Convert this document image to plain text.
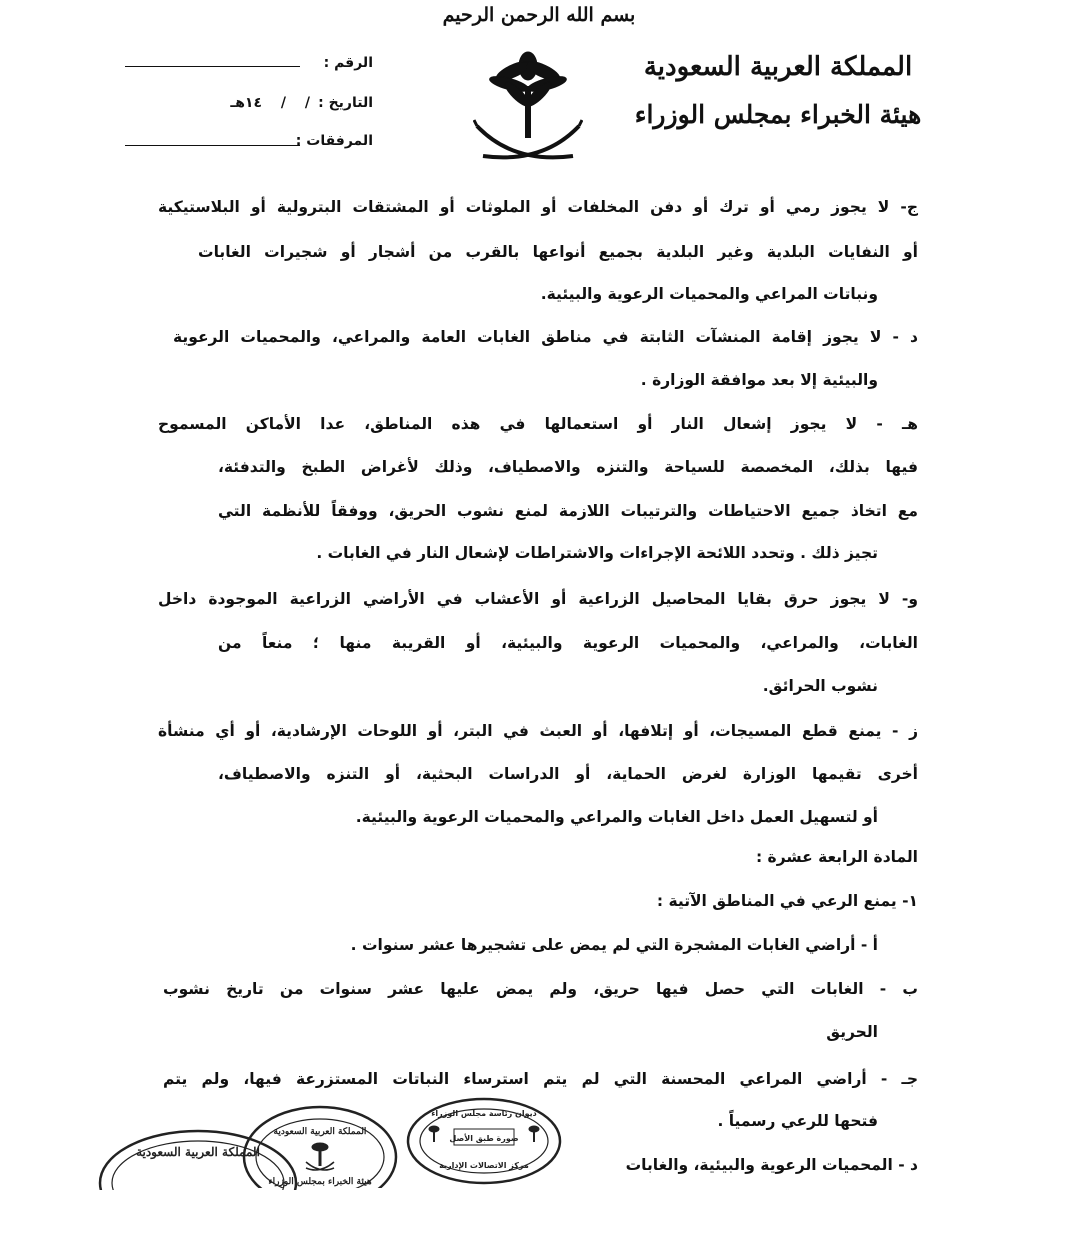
بسم الله الرحمن الرحيم
المملكة العربية السعودية
هيئة الخبراء بمجلس الوزراء
الرقم :
التاريخ :
/ / ١٤هـ
المرفقات :
ج- لا يجوز رمي أو ترك أو دفن المخلفات أو الملوثات أو المشتقات البترولية أو البلاستيكية
أو النفايات البلدية وغير البلدية بجميع أنواعها بالقرب من أشجار أو شجيرات الغابات
ونباتات المراعي والمحميات الرعوية والبيئية.
د - لا يجوز إقامة المنشآت الثابتة في مناطق الغابات العامة والمراعي، والمحميات الرعوية
والبيئية إلا بعد موافقة الوزارة .
هـ - لا يجوز إشعال النار أو استعمالها في هذه المناطق، عدا الأماكن المسموح
فيها بذلك، المخصصة للسياحة والتنزه والاصطياف، وذلك لأغراض الطبخ والتدفئة،
مع اتخاذ جميع الاحتياطات والترتيبات اللازمة لمنع نشوب الحريق، ووفقاً للأنظمة التي
تجيز ذلك . وتحدد اللائحة الإجراءات والاشتراطات لإشعال النار في الغابات .
و- لا يجوز حرق بقايا المحاصيل الزراعية أو الأعشاب في الأراضي الزراعية الموجودة داخل
الغابات، والمراعي، والمحميات الرعوية والبيئية، أو القريبة منها ؛ منعاً من
نشوب الحرائق.
ز - يمنع قطع المسيجات، أو إتلافها، أو العبث في البتر، أو اللوحات الإرشادية، أو أي منشأة
أخرى تقيمها الوزارة لغرض الحماية، أو الدراسات البحثية، أو التنزه والاصطياف،
أو لتسهيل العمل داخل الغابات والمراعي والمحميات الرعوية والبيئية.
المادة الرابعة عشرة :
١- يمنع الرعي في المناطق الآتية :
أ - أراضي الغابات المشجرة التي لم يمض على تشجيرها عشر سنوات .
ب - الغابات التي حصل فيها حريق، ولم يمض عليها عشر سنوات من تاريخ نشوب
الحريق
جـ - أراضي المراعي المحسنة التي لم يتم استرساء النباتات المستزرعة فيها، ولم يتم
فتحها للرعي رسمياً .
د - المحميات الرعوية والبيئية، والغابات
المملكة العربية السعودية
المملكة العربية السعودية
هيئة الخبراء بمجلس الوزراء
ديوان رئاسة مجلس الوزراء
صورة طبق الأصل
مركز الاتصالات الإدارية
